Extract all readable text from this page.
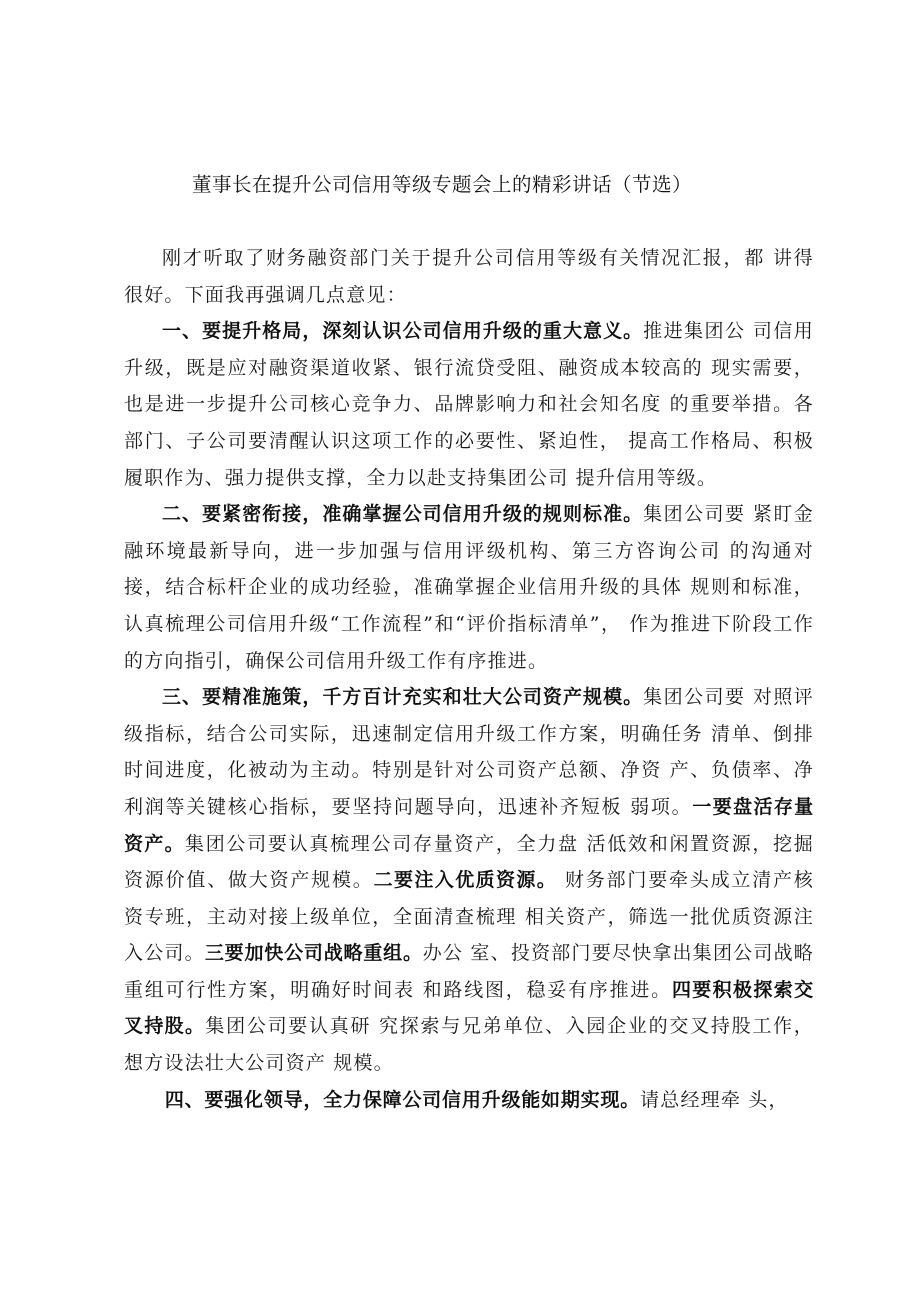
董事长在提升公司信用等级专题会上的精彩讲话（节选）

刚才听取了财务融资部门关于提升公司信用等级有关情况汇报，都 讲得很好。下面我再强调几点意见：

一、要提升格局，深刻认识公司信用升级的重大意义。推进集团公 司信用升级，既是应对融资渠道收紧、银行流贷受阻、融资成本较高的 现实需要，也是进一步提升公司核心竞争力、品牌影响力和社会知名度 的重要举措。各部门、子公司要清醒认识这项工作的必要性、紧迫性， 提高工作格局、积极履职作为、强力提供支撑，全力以赴支持集团公司 提升信用等级。

二、要紧密衔接，准确掌握公司信用升级的规则标准。集团公司要 紧盯金融环境最新导向，进一步加强与信用评级机构、第三方咨询公司 的沟通对接，结合标杆企业的成功经验，准确掌握企业信用升级的具体 规则和标准，认真梳理公司信用升级“工作流程”和“评价指标清单”， 作为推进下阶段工作的方向指引，确保公司信用升级工作有序推进。

三、要精准施策，千方百计充实和壮大公司资产规模。集团公司要 对照评级指标，结合公司实际，迅速制定信用升级工作方案，明确任务 清单、倒排时间进度，化被动为主动。特别是针对公司资产总额、净资 产、负债率、净利润等关键核心指标，要坚持问题导向，迅速补齐短板 弱项。一要盘活存量资产。集团公司要认真梳理公司存量资产，全力盘 活低效和闲置资源，挖掘资源价值、做大资产规模。二要注入优质资源。 财务部门要牵头成立清产核资专班，主动对接上级单位，全面清查梳理 相关资产，筛选一批优质资源注入公司。三要加快公司战略重组。办公 室、投资部门要尽快拿出集团公司战略重组可行性方案，明确好时间表 和路线图，稳妥有序推进。四要积极探索交叉持股。集团公司要认真研 究探索与兄弟单位、入园企业的交叉持股工作，想方设法壮大公司资产 规模。

四、要强化领导，全力保障公司信用升级能如期实现。请总经理牵 头，
